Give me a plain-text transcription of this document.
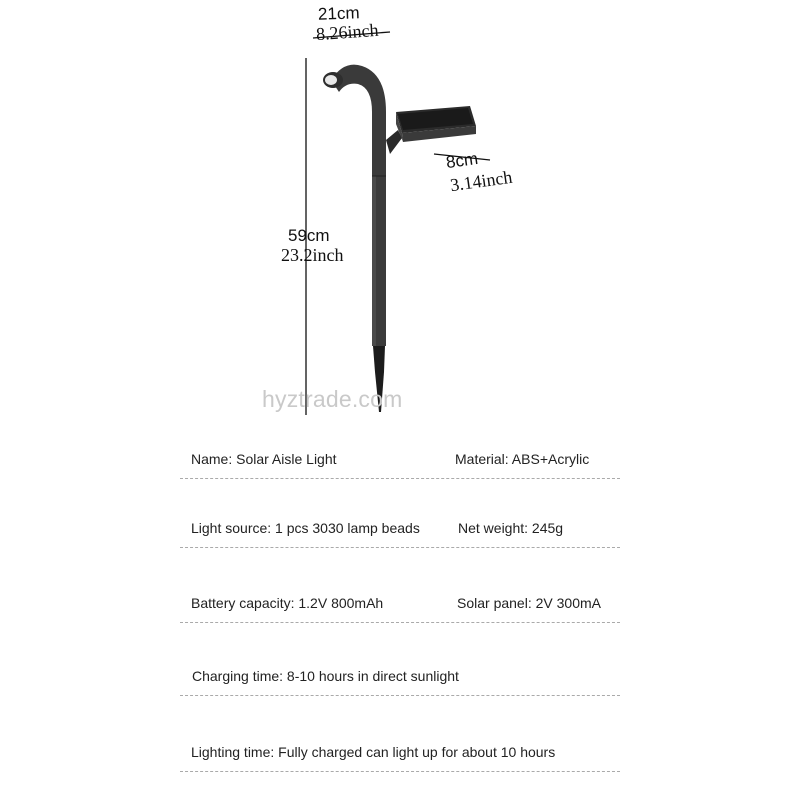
21cm
8.26inch
8cm
3.14inch
59cm
23.2inch
hyztrade.com
Name: Solar Aisle Light	Material: ABS+Acrylic
Light source: 1 pcs 3030 lamp beads	Net weight: 245g
Battery capacity: 1.2V 800mAh	Solar panel: 2V 300mA
Charging time: 8-10 hours in direct sunlight
Lighting time: Fully charged can light up for about 10 hours
